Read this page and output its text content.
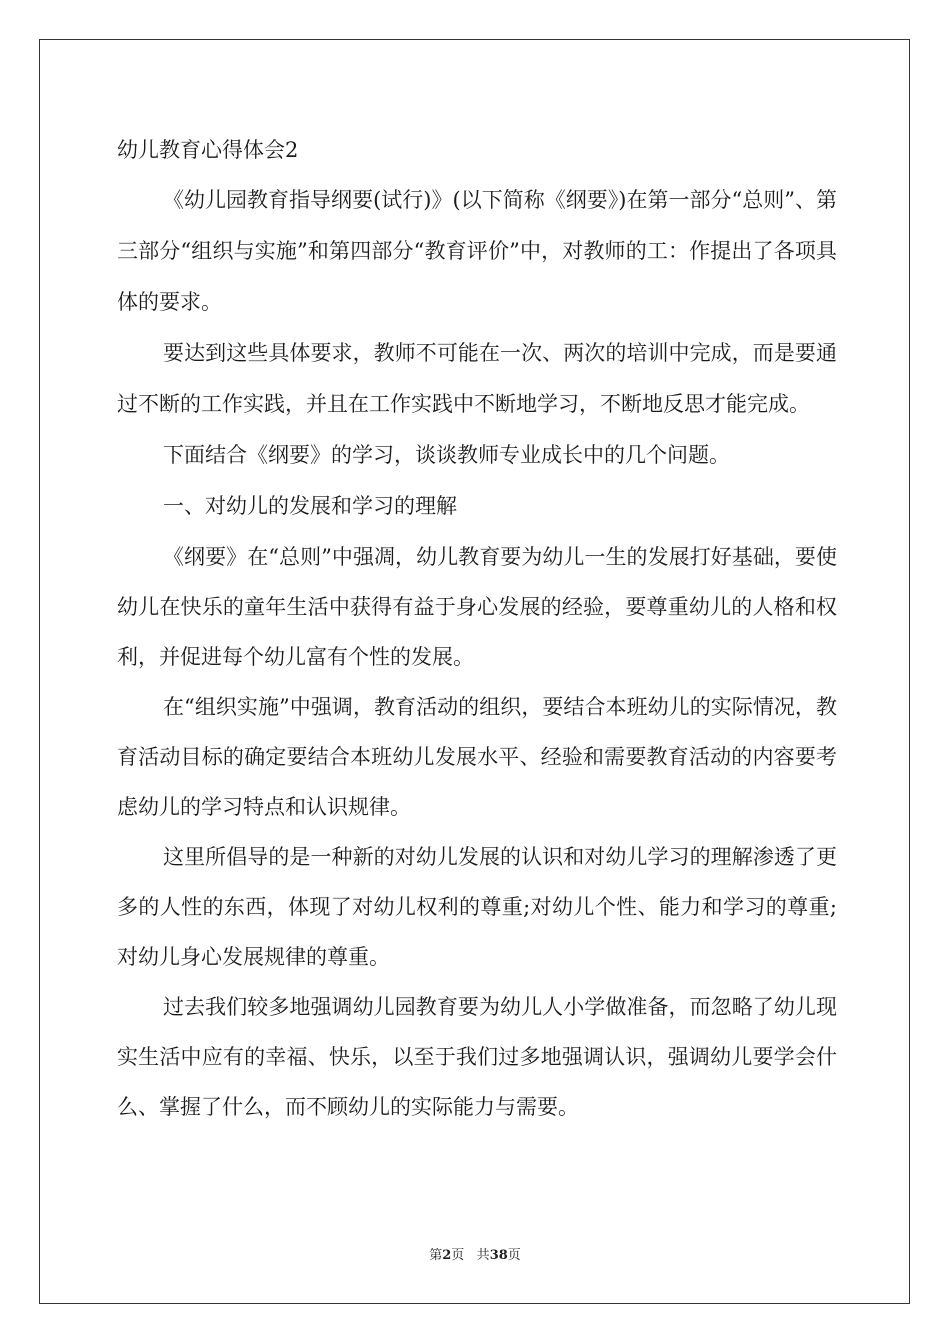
幼儿教育心得体会2

《幼儿园教育指导纲要(试行)》(以下简称《纲要》)在第一部分“总则”、第三部分“组织与实施”和第四部分“教育评价”中，对教师的工：作提出了各项具体的要求。

要达到这些具体要求，教师不可能在一次、两次的培训中完成，而是要通过不断的工作实践，并且在工作实践中不断地学习，不断地反思才能完成。

下面结合《纲要》的学习，谈谈教师专业成长中的几个问题。

一、对幼儿的发展和学习的理解

《纲要》在“总则”中强凋，幼儿教育要为幼儿一生的发展打好基础，要使幼儿在快乐的童年生活中获得有益于身心发展的经验，要尊重幼儿的人格和权利，并促进每个幼儿富有个性的发展。

在“组织实施”中强调，教育活动的组织，要结合本班幼儿的实际情况，教育活动目标的确定要结合本班幼儿发展水平、经验和需要教育活动的内容要考虑幼儿的学习特点和认识规律。

这里所倡导的是一种新的对幼儿发展的认识和对幼儿学习的理解渗透了更多的人性的东西，体现了对幼儿权利的尊重;对幼儿个性、能力和学习的尊重;对幼儿身心发展规律的尊重。

过去我们较多地强调幼儿园教育要为幼儿人小学做准备，而忽略了幼儿现实生活中应有的幸福、快乐，以至于我们过多地强调认识，强调幼儿要学会什么、掌握了什么，而不顾幼儿的实际能力与需要。

第2页 共38页
